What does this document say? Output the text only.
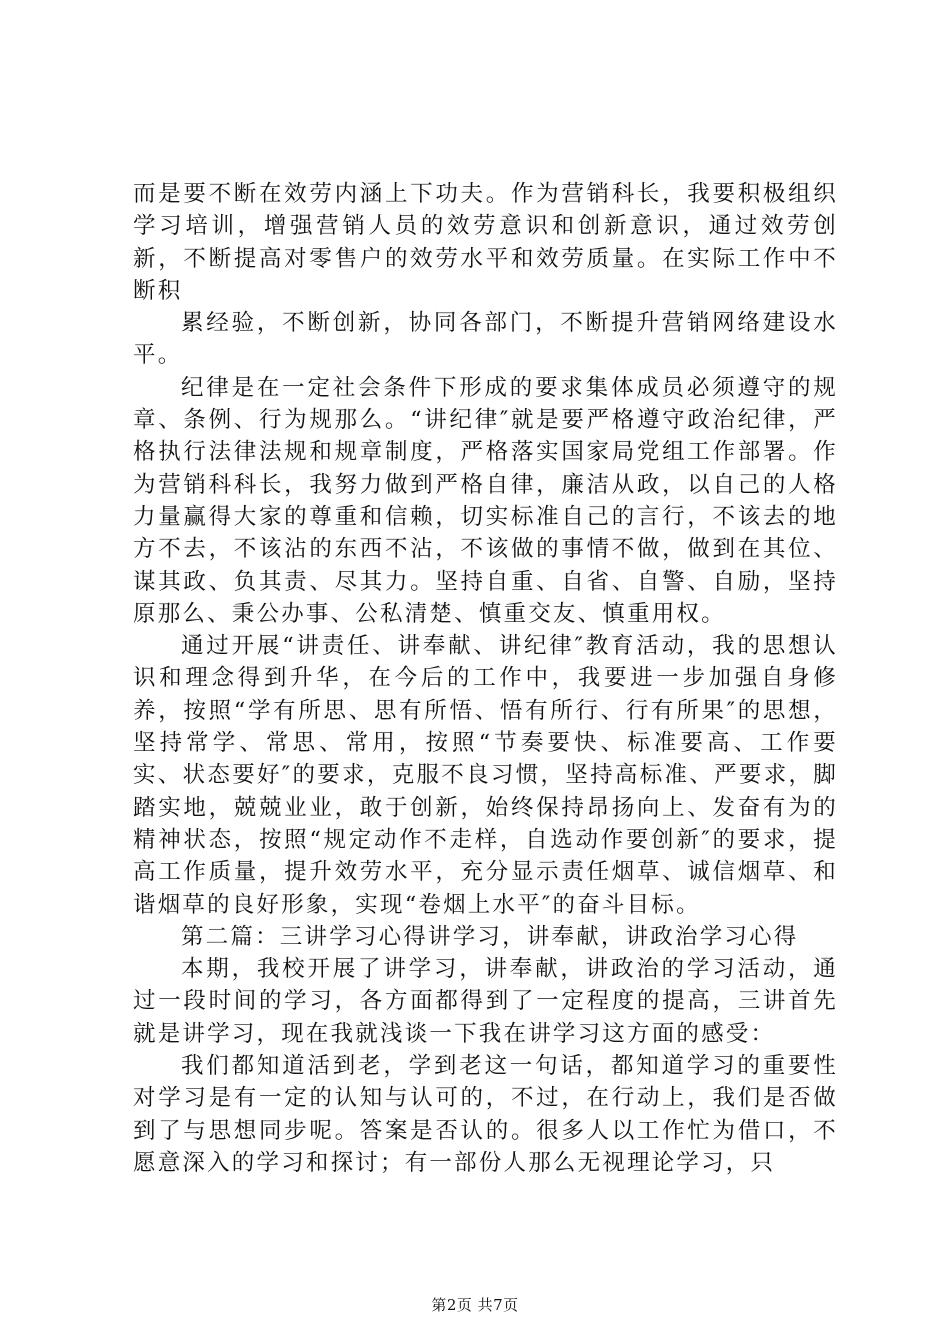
而是要不断在效劳内涵上下功夫。作为营销科长，我要积极组织学习培训，增强营销人员的效劳意识和创新意识，通过效劳创新，不断提高对零售户的效劳水平和效劳质量。在实际工作中不断积

累经验，不断创新，协同各部门，不断提升营销网络建设水平。

纪律是在一定社会条件下形成的要求集体成员必须遵守的规章、条例、行为规那么。“讲纪律″就是要严格遵守政治纪律，严格执行法律法规和规章制度，严格落实国家局党组工作部署。作为营销科科长，我努力做到严格自律，廉洁从政，以自己的人格力量赢得大家的尊重和信赖，切实标准自己的言行，不该去的地方不去，不该沾的东西不沾，不该做的事情不做，做到在其位、谋其政、负其责、尽其力。坚持自重、自省、自警、自励，坚持原那么、秉公办事、公私清楚、慎重交友、慎重用权。

通过开展“讲责任、讲奉献、讲纪律″教育活动，我的思想认识和理念得到升华，在今后的工作中，我要进一步加强自身修养，按照“学有所思、思有所悟、悟有所行、行有所果″的思想，坚持常学、常思、常用，按照“节奏要快、标准要高、工作要实、状态要好″的要求，克服不良习惯，坚持高标准、严要求，脚踏实地，兢兢业业，敢于创新，始终保持昂扬向上、发奋有为的精神状态，按照“规定动作不走样，自选动作要创新″的要求，提高工作质量，提升效劳水平，充分显示责任烟草、诚信烟草、和谐烟草的良好形象，实现“卷烟上水平″的奋斗目标。

第二篇：三讲学习心得讲学习，讲奉献，讲政治学习心得

本期，我校开展了讲学习，讲奉献，讲政治的学习活动，通过一段时间的学习，各方面都得到了一定程度的提高，三讲首先就是讲学习，现在我就浅谈一下我在讲学习这方面的感受：

我们都知道活到老，学到老这一句话，都知道学习的重要性对学习是有一定的认知与认可的，不过，在行动上，我们是否做到了与思想同步呢。答案是否认的。很多人以工作忙为借口，不愿意深入的学习和探讨；有一部份人那么无视理论学习，只

第2页 共7页
